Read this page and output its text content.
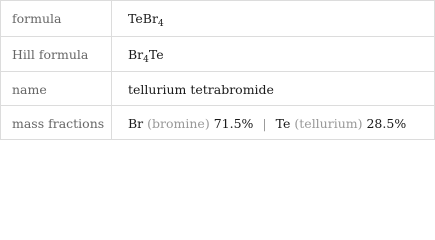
formula	TeBr$_4$
Hill formula	$Br_4Te$
name	tellurium tetrabromide
mass fractions	Br (bromine) 71.5% | Te (tellurium) 28.5%
